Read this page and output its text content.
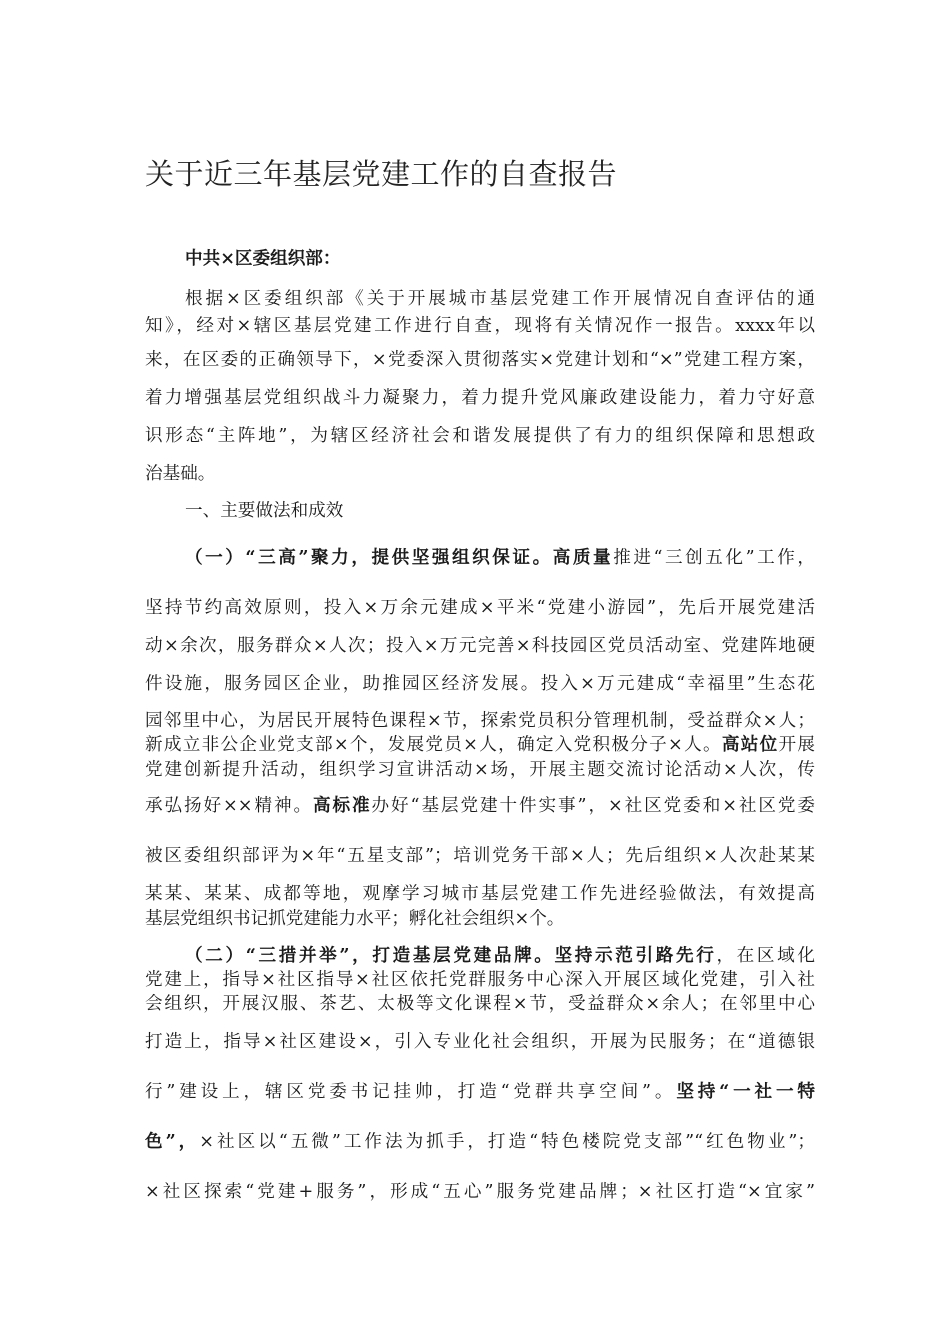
关于近三年基层党建工作的自查报告
中共×区委组织部：
根据×区委组织部《关于开展城市基层党建工作开展情况自查评估的通
知》，经对×辖区基层党建工作进行自查，现将有关情况作一报告。xxxx年以
来，在区委的正确领导下，×党委深入贯彻落实×党建计划和“×”党建工程方案，
着力增强基层党组织战斗力凝聚力，着力提升党风廉政建设能力，着力守好意
识形态“主阵地”，为辖区经济社会和谐发展提供了有力的组织保障和思想政
治基础。
一、主要做法和成效
（一）“三高”聚力，提供坚强组织保证。高质量推进“三创五化”工作，
坚持节约高效原则，投入×万余元建成×平米“党建小游园”，先后开展党建活
动×余次，服务群众×人次；投入×万元完善×科技园区党员活动室、党建阵地硬
件设施，服务园区企业，助推园区经济发展。投入×万元建成“幸福里”生态花
园邻里中心，为居民开展特色课程×节，探索党员积分管理机制，受益群众×人；
新成立非公企业党支部×个，发展党员×人，确定入党积极分子×人。高站位开展
党建创新提升活动，组织学习宣讲活动×场，开展主题交流讨论活动×人次，传
承弘扬好××精神。高标准办好“基层党建十件实事”，×社区党委和×社区党委
被区委组织部评为×年“五星支部”；培训党务干部×人；先后组织×人次赴某某
某某、某某、成都等地，观摩学习城市基层党建工作先进经验做法，有效提高
基层党组织书记抓党建能力水平；孵化社会组织×个。
（二）“三措并举”，打造基层党建品牌。坚持示范引路先行，在区域化
党建上，指导×社区指导×社区依托党群服务中心深入开展区域化党建，引入社
会组织，开展汉服、茶艺、太极等文化课程×节，受益群众×余人；在邻里中心
打造上，指导×社区建设×，引入专业化社会组织，开展为民服务；在“道德银
行”建设上，辖区党委书记挂帅，打造“党群共享空间”。坚持“一社一特
色”，×社区以“五微”工作法为抓手，打造“特色楼院党支部”“红色物业”；
×社区探索“党建+服务”，形成“五心”服务党建品牌；×社区打造“×宜家”
